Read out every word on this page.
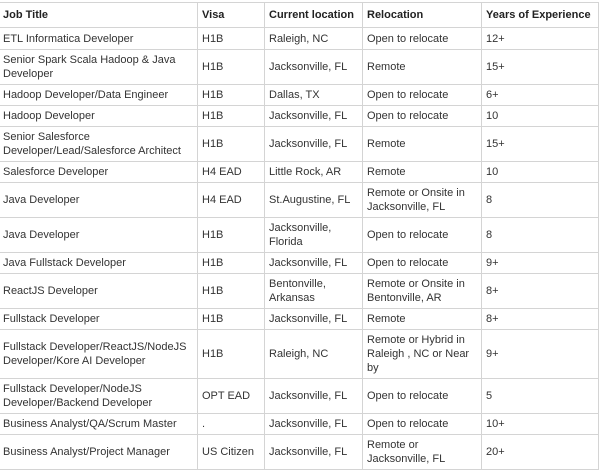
Job Title	Visa	Current location	Relocation	Years of Experience
ETL Informatica Developer	H1B	Raleigh, NC	Open to relocate	12+
Senior Spark Scala Hadoop & Java Developer	H1B	Jacksonville, FL	Remote	15+
Hadoop Developer/Data Engineer	H1B	Dallas, TX	Open to relocate	6+
Hadoop Developer	H1B	Jacksonville, FL	Open to relocate	10
Senior Salesforce Developer/Lead/Salesforce Architect	H1B	Jacksonville, FL	Remote	15+
Salesforce Developer	H4 EAD	Little Rock, AR	Remote	10
Java Developer	H4 EAD	St.Augustine, FL	Remote or Onsite in Jacksonville, FL	8
Java Developer	H1B	Jacksonville, Florida	Open to relocate	8
Java Fullstack Developer	H1B	Jacksonville, FL	Open to relocate	9+
ReactJS Developer	H1B	Bentonville, Arkansas	Remote or Onsite in Bentonville, AR	8+
Fullstack Developer	H1B	Jacksonville, FL	Remote	8+
Fullstack Developer/ReactJS/NodeJS Developer/Kore AI Developer	H1B	Raleigh, NC	Remote or Hybrid in Raleigh , NC or Near by	9+
Fullstack Developer/NodeJS Developer/Backend Developer	OPT EAD	Jacksonville, FL	Open to relocate	5
Business Analyst/QA/Scrum Master	.	Jacksonville, FL	Open to relocate	10+
Business Analyst/Project Manager	US Citizen	Jacksonville, FL	Remote or Jacksonville, FL	20+
